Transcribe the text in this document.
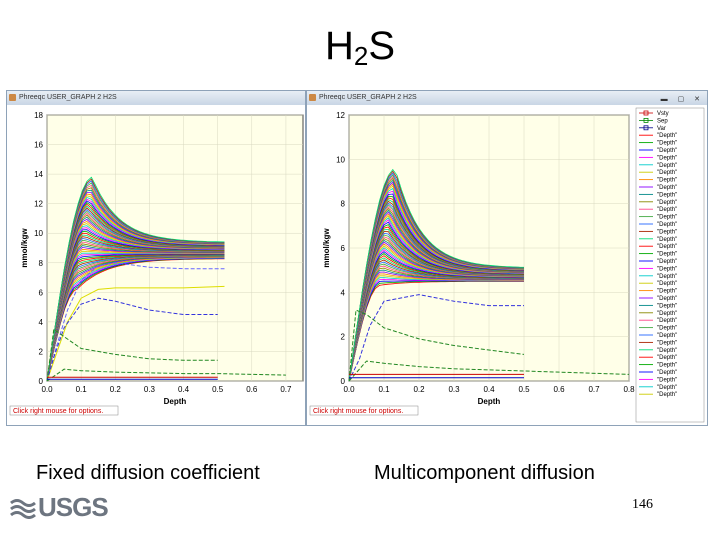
$H_2S$
Phreeqc USER_GRAPH 2 H2S
0.0	0.1	0.2	0.3	0.4	0.5	0.6	0.7
0
2
4
6
8
10
12
14
16
18
Depth
mmol/kgw
Click right mouse for options.
Phreeqc USER_GRAPH 2 H2S	▬ ▢ ✕
0.0	0.1	0.2	0.3	0.4	0.5	0.6	0.7	0.8
0
2
4
6
8
10
12
Depth
mmol/kgw
Click right mouse for options.
Vsty
Sep
Var
"Depth"
"Depth"
"Depth"
"Depth"
"Depth"
"Depth"
"Depth"
"Depth"
"Depth"
"Depth"
"Depth"
"Depth"
"Depth"
"Depth"
"Depth"
"Depth"
"Depth"
"Depth"
"Depth"
"Depth"
"Depth"
"Depth"
"Depth"
"Depth"
"Depth"
"Depth"
"Depth"
"Depth"
"Depth"
"Depth"
"Depth"
"Depth"
"Depth"
"Depth"
"Depth"
"Depth"
Fixed diffusion coefficient	Multicomponent diffusion
USGS	146
